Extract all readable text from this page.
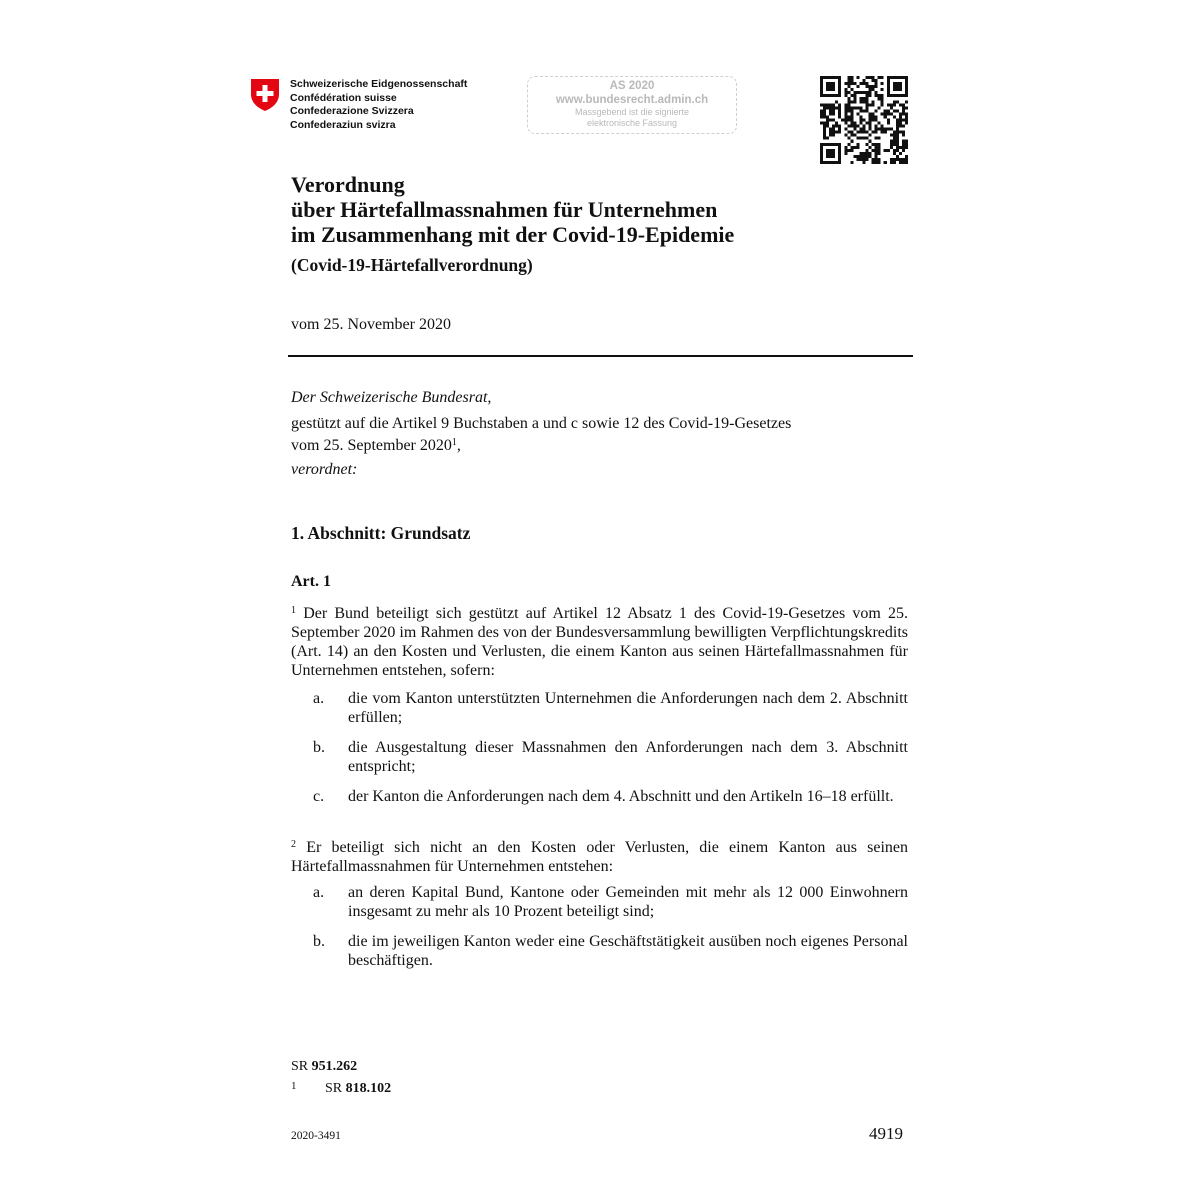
Schweizerische Eidgenossenschaft
Confédération suisse
Confederazione Svizzera
Confederaziun svizra
AS 2020
www.bundesrecht.admin.ch
Massgebend ist die signierte
elektronische Fassung
Verordnung
über Härtefallmassnahmen für Unternehmen
im Zusammenhang mit der Covid-19-Epidemie
(Covid-19-Härtefallverordnung)
vom 25. November 2020
Der Schweizerische Bundesrat,
gestützt auf die Artikel 9 Buchstaben a und c sowie 12 des Covid-19-Gesetzes
vom 25. September 2020$^1$,
verordnet:
1. Abschnitt: Grundsatz
Art. 1
$^1$ Der Bund beteiligt sich gestützt auf Artikel 12 Absatz 1 des Covid-19-Gesetzes vom 25. September 2020 im Rahmen des von der Bundesversammlung bewilligten Verpflichtungskredits (Art. 14) an den Kosten und Verlusten, die einem Kanton aus seinen Härtefallmassnahmen für Unternehmen entstehen, sofern:
a. die vom Kanton unterstützten Unternehmen die Anforderungen nach dem 2. Abschnitt erfüllen;
b. die Ausgestaltung dieser Massnahmen den Anforderungen nach dem 3. Abschnitt entspricht;
c. der Kanton die Anforderungen nach dem 4. Abschnitt und den Artikeln 16–18 erfüllt.
$^2$ Er beteiligt sich nicht an den Kosten oder Verlusten, die einem Kanton aus seinen Härtefallmassnahmen für Unternehmen entstehen:
a. an deren Kapital Bund, Kantone oder Gemeinden mit mehr als 12 000 Einwohnern insgesamt zu mehr als 10 Prozent beteiligt sind;
b. die im jeweiligen Kanton weder eine Geschäftstätigkeit ausüben noch eigenes Personal beschäftigen.
SR 951.262
1 SR 818.102
2020-3491	4919
